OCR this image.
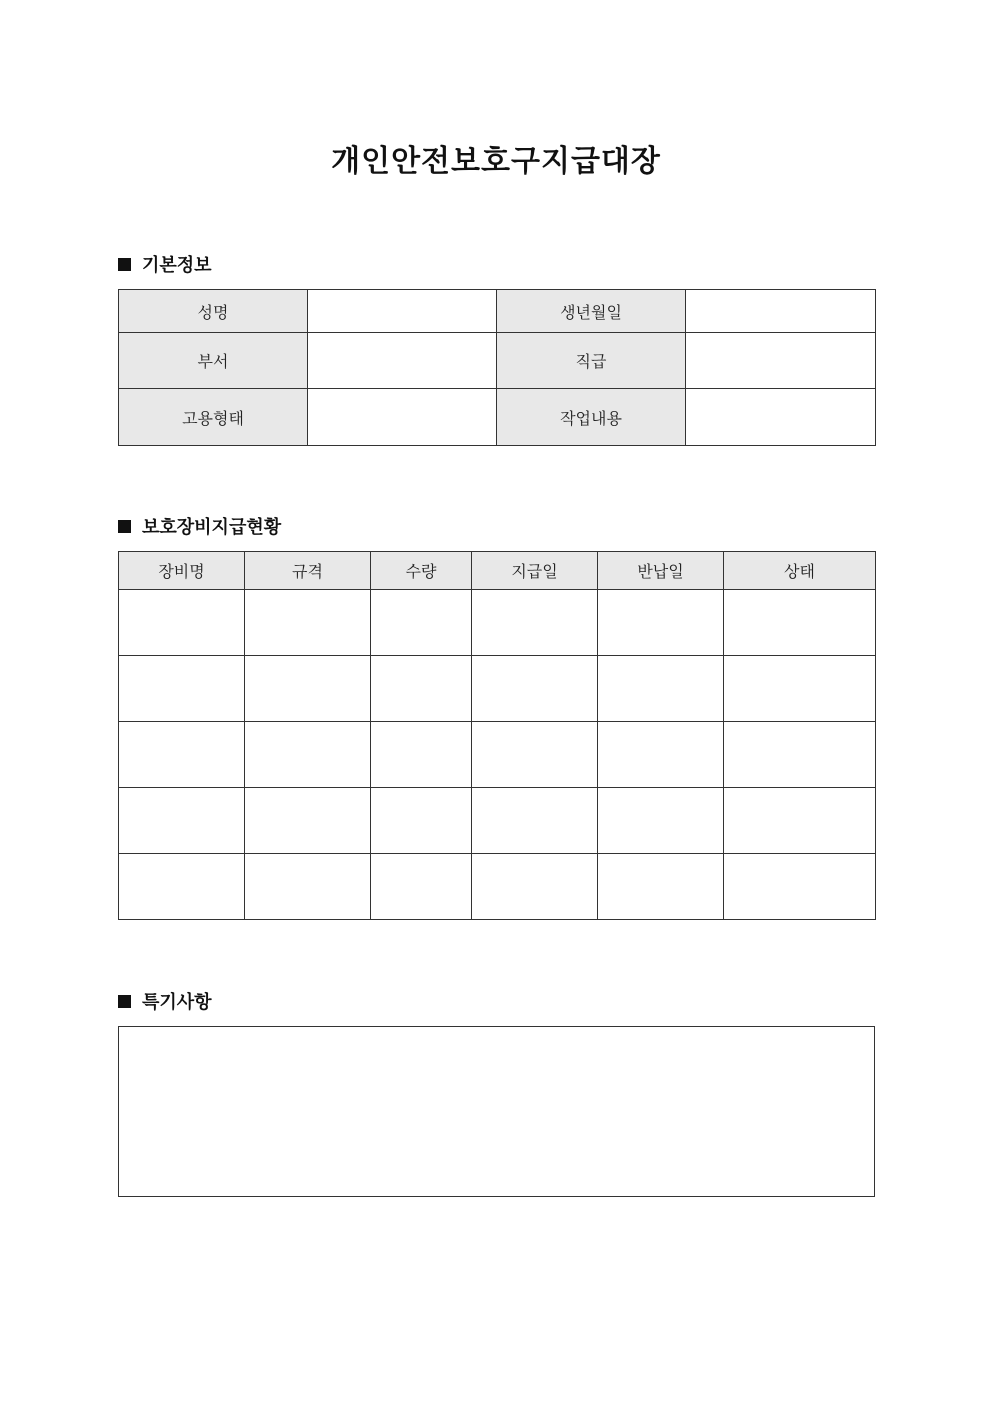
개인안전보호구지급대장
기본정보
성명		생년월일	
부서		직급	
고용형태		작업내용	
보호장비지급현황
장비명	규격	수량	지급일	반납일	상태

특기사항
